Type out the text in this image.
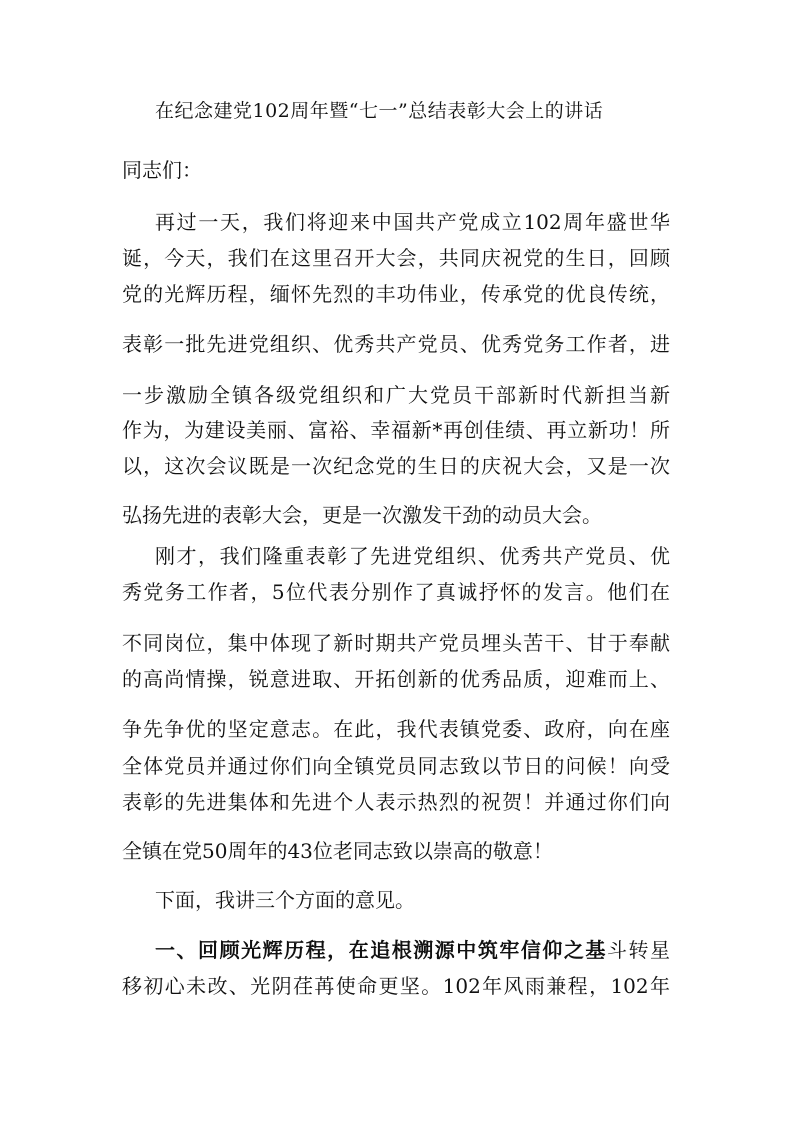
在纪念建党102周年暨“七一”总结表彰大会上的讲话
同志们：
再过一天，我们将迎来中国共产党成立102周年盛世华
诞，今天，我们在这里召开大会，共同庆祝党的生日，回顾
党的光辉历程，缅怀先烈的丰功伟业，传承党的优良传统，
表彰一批先进党组织、优秀共产党员、优秀党务工作者，进
一步激励全镇各级党组织和广大党员干部新时代新担当新
作为，为建设美丽、富裕、幸福新*再创佳绩、再立新功！所
以，这次会议既是一次纪念党的生日的庆祝大会，又是一次
弘扬先进的表彰大会，更是一次激发干劲的动员大会。
刚才，我们隆重表彰了先进党组织、优秀共产党员、优
秀党务工作者，5位代表分别作了真诚抒怀的发言。他们在
不同岗位，集中体现了新时期共产党员埋头苦干、甘于奉献
的高尚情操，锐意进取、开拓创新的优秀品质，迎难而上、
争先争优的坚定意志。在此，我代表镇党委、政府，向在座
全体党员并通过你们向全镇党员同志致以节日的问候！向受
表彰的先进集体和先进个人表示热烈的祝贺！并通过你们向
全镇在党50周年的43位老同志致以崇高的敬意！
下面，我讲三个方面的意见。
一、回顾光辉历程，在追根溯源中筑牢信仰之基斗转星
移初心未改、光阴荏苒使命更坚。102年风雨兼程，102年
